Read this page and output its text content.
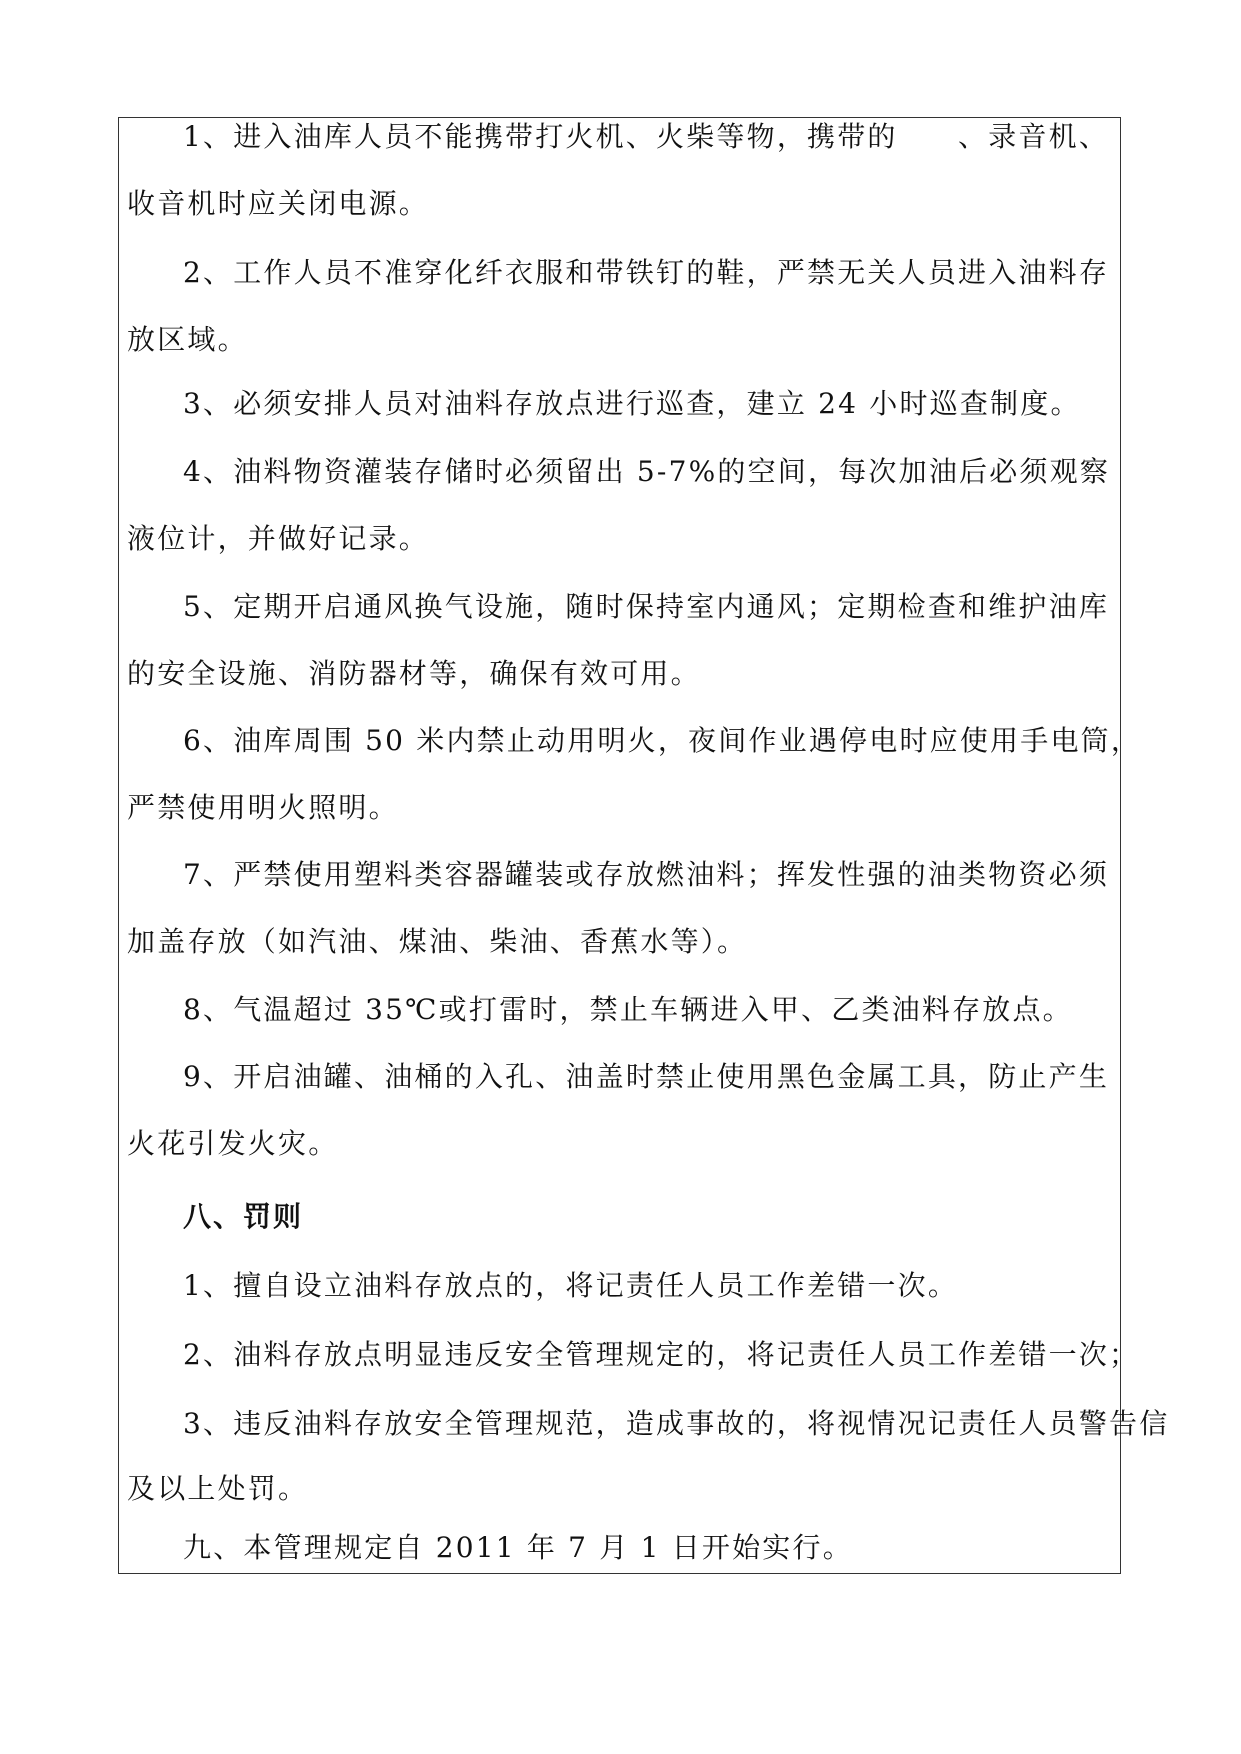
1、进入油库人员不能携带打火机、火柴等物，携带的　　、录音机、
收音机时应关闭电源。
2、工作人员不准穿化纤衣服和带铁钉的鞋，严禁无关人员进入油料存
放区域。
3、必须安排人员对油料存放点进行巡查，建立 24 小时巡查制度。
4、油料物资灌装存储时必须留出 5-7%的空间，每次加油后必须观察
液位计，并做好记录。
5、定期开启通风换气设施，随时保持室内通风；定期检查和维护油库
的安全设施、消防器材等，确保有效可用。
6、油库周围 50 米内禁止动用明火，夜间作业遇停电时应使用手电筒，
严禁使用明火照明。
7、严禁使用塑料类容器罐装或存放燃油料；挥发性强的油类物资必须
加盖存放（如汽油、煤油、柴油、香蕉水等）。
8、气温超过 35℃或打雷时，禁止车辆进入甲、乙类油料存放点。
9、开启油罐、油桶的入孔、油盖时禁止使用黑色金属工具，防止产生
火花引发火灾。
八、罚则
1、擅自设立油料存放点的，将记责任人员工作差错一次。
2、油料存放点明显违反安全管理规定的，将记责任人员工作差错一次；
3、违反油料存放安全管理规范，造成事故的，将视情况记责任人员警告信
及以上处罚。
九、本管理规定自 2011 年 7 月 1 日开始实行。
